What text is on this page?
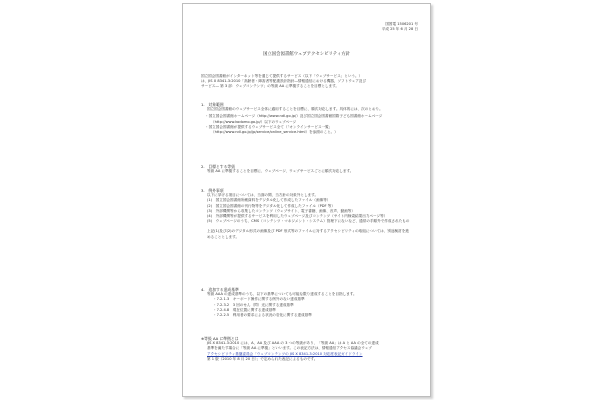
国図電 1506201 号
平成 25 年 6 月 28 日
国立国会図書館ウェブアクセシビリティ方針
国立国会図書館がインターネット等を通じて提供するサービス（以下「ウェブサービス」という。）
は、JIS X 8341-3:2010「高齢者・障害者等配慮設計指針―情報通信における機器，ソフトウェア及び
サービス― 第 3 部：ウェブコンテンツ」の等級 AA に準拠することを目標とします。
1.　対象範囲
国立国会図書館のウェブサービス全体に適用することを目標に、順次対応します。具体的には、次のとおり。
・ 国立国会図書館ホームページ（http://www.ndl.go.jp/）及び国立国会図書館国際子ども図書館ホームページ（http://www.kodomo.go.jp/）以下のウェブページ
・ 国立国会図書館が提供するウェブサービス全て（「オンラインサービス一覧」（http://www.ndl.go.jp/jp/service/online_service.html）を参照のこと。）
2.　目標とする等級
等級 AA に準拠することを目標に、ウェブページ、ウェブサービスごとに順次対応します。
3.　例外事項
以下に挙げる項目については、当面の間、当方針の対象外とします。
(1)　国立国会図書館所蔵資料をデジタル化して作成したファイル（画像等）
(2)　国立国会図書館の刊行物等をデジタル化して作成したファイル（PDF 等）
(3)　外部機関等から収集したコンテンツ（ウェブサイト、電子書籍、画像、音声、動画等）
(4)　外部機関等が提供するサービスを利用したウェブページ及びコンテンツ（サイト内検索結果出力ページ等）
(5)　ウェブページのうち、CMS（コンテンツ・マネジメント・システム）管理下にないなど、通常の手順外で作成されたもの
上記(1)及び(2)のデジタル形式の画像及び PDF 形式等のファイルに対するアクセシビリティの取組については、別途検討を進めることとします。
4.　追加する達成基準
等級 AAA の達成基準のうち、以下の基準についても可能な限り達成することを目指します。
・ 7.2.1.3　キーボード操作に関する例外のない達成基準
・ 7.2.3.2　3 回のせん（閃）光に関する達成基準
・ 7.2.4.8　現在位置に関する達成基準
・ 7.2.2.5　利用者の要求による状況の変化に関する達成基準
※等級 AA に準拠とは
JIS X 8341-3:2010 には、A、AA 及び AAA の 3 つの等級があり、「等級 AA」は A と AA の全ての達成
基準を満たす場合に「等級 AA に準拠」といいます。この表記方法は、情報通信アクセス協議会ウェブ
アクセシビリティ基盤委員会「ウェブコンテンツの JIS X 8341-3:2010 対応度表記ガイドライン
第 1 版（2010 年 8 月 20 日）」で定められた表記によるものです。
